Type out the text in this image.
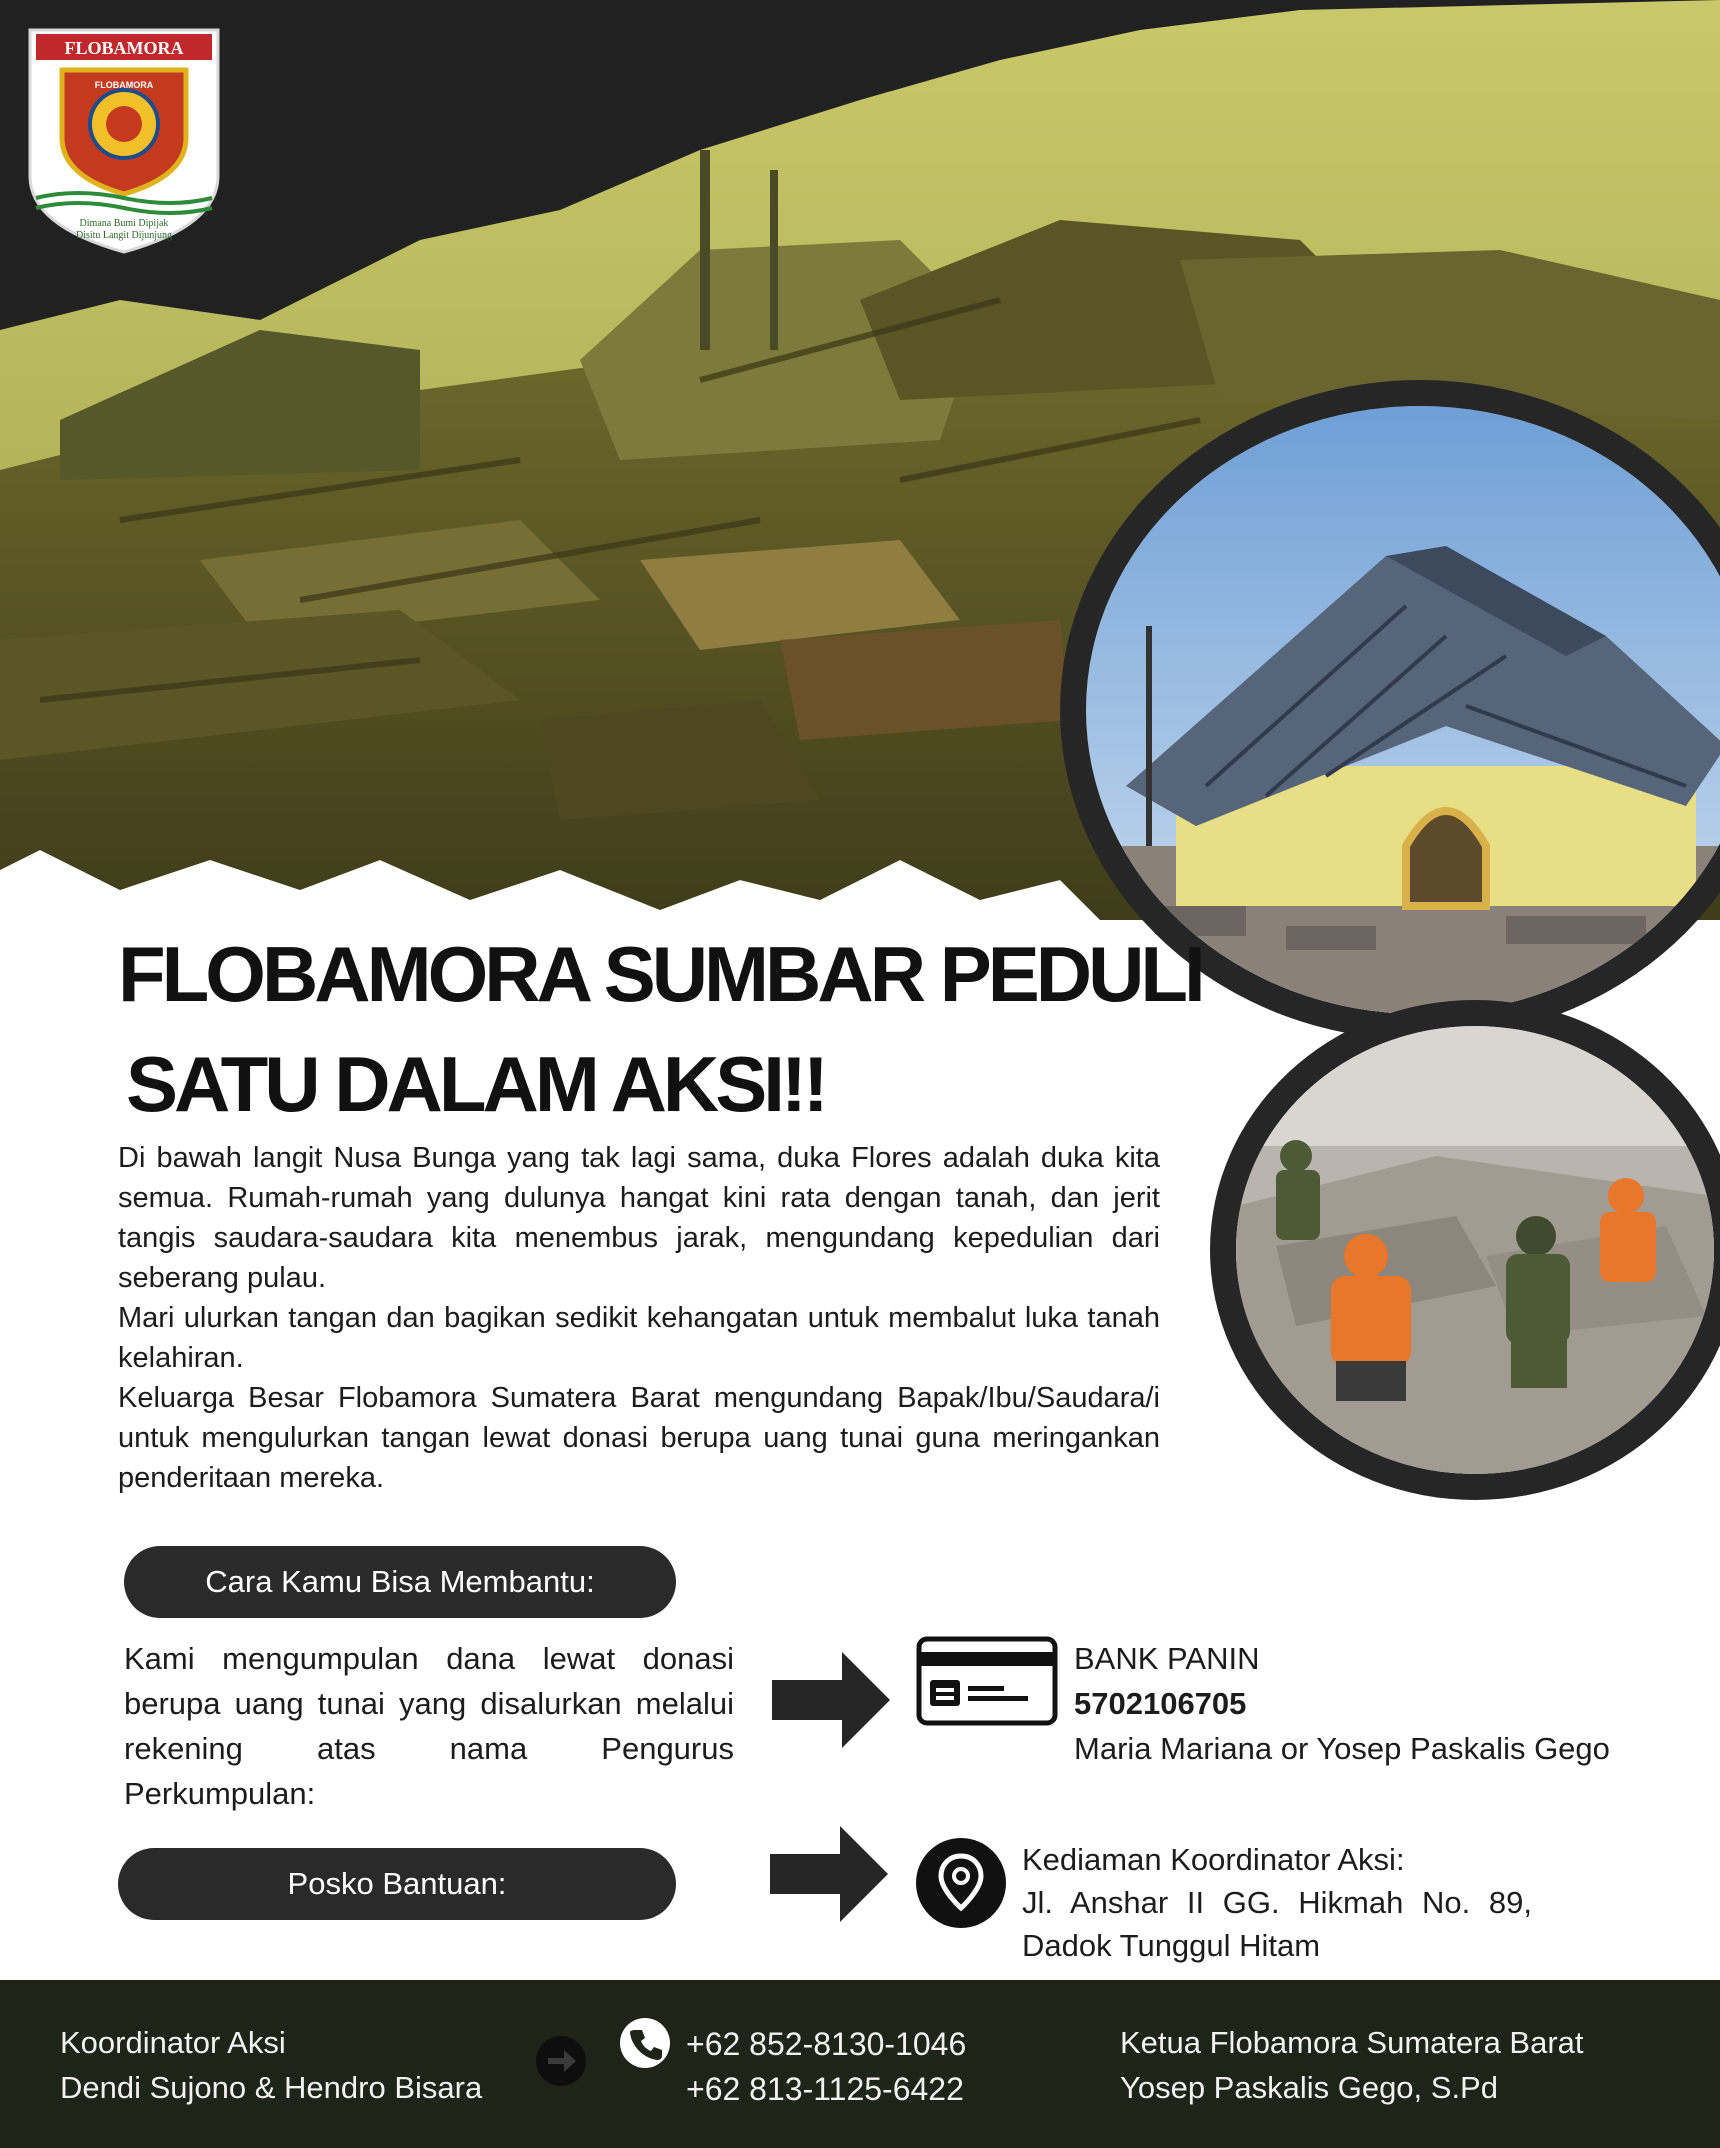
FLOBAMORA
FLOBAMORA
Dimana Bumi Dipijak
Disitu Langit Dijunjung
FLOBAMORA SUMBAR PEDULI
SATU DALAM AKSI!!

Di bawah langit Nusa Bunga yang tak lagi sama, duka Flores adalah duka kita semua. Rumah-rumah yang dulunya hangat kini rata dengan tanah, dan jerit tangis saudara-saudara kita menembus jarak, mengundang kepedulian dari seberang pulau.

Mari ulurkan tangan dan bagikan sedikit kehangatan untuk membalut luka tanah kelahiran.

Keluarga Besar Flobamora Sumatera Barat mengundang Bapak/Ibu/Saudara/i untuk mengulurkan tangan lewat donasi berupa uang tunai guna meringankan penderitaan mereka.

Cara Kamu Bisa Membantu:
Kami mengumpulan dana lewat donasi berupa uang tunai yang disalurkan melalui rekening atas nama Pengurus Perkumpulan:
BANK PANIN
5702106705
Maria Mariana or Yosep Paskalis Gego
Posko Bantuan:
Kediaman Koordinator Aksi:
Jl. Anshar II GG. Hikmah No. 89,
Dadok Tunggul Hitam
Koordinator Aksi
Dendi Sujono & Hendro Bisara
+62 852-8130-1046
+62 813-1125-6422
Ketua Flobamora Sumatera Barat
Yosep Paskalis Gego, S.Pd
